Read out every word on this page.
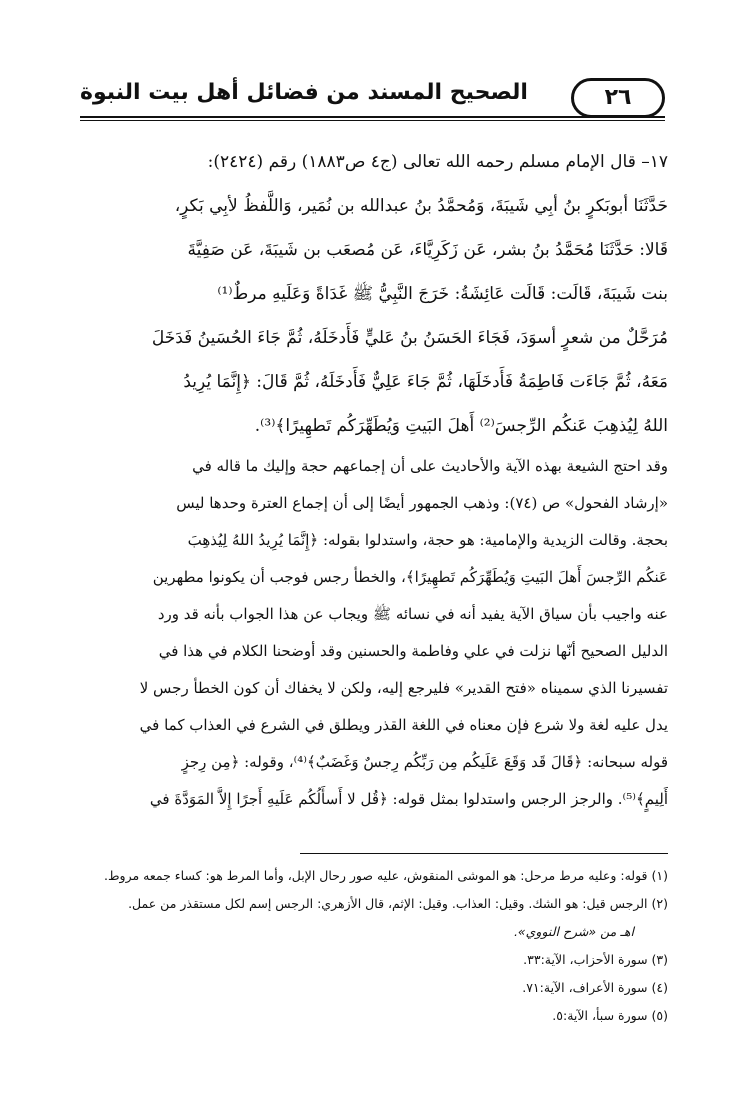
الصحيح المسند من فضائل أهل بيت النبوة	٢٦
١٧– قال الإمام مسلم رحمه الله تعالى (ج٤ ص١٨٨٣) رقم (٢٤٢٤):
حَدَّثَنَا أبوبَكرٍ بنُ أبِي شَيبَةَ، وَمُحمَّدُ بنُ عبدالله بن نُمَير، وَاللَّفظُ لأبِي بَكرٍ،
قَالا: حَدَّثَنَا مُحَمَّدُ بنُ بشر، عَن زَكَرِيَّاءَ، عَن مُصعَب بن شَيبَةَ، عَن صَفِيَّةَ
بنت شَيبَةَ، قَالَت: قَالَت عَائِشَةُ: خَرَجَ النَّبِيُّ ﷺ غَدَاةً وَعَلَيهِ مرطٌ⁽¹⁾
مُرَحَّلٌ من شعرٍ أسوَدَ، فَجَاءَ الحَسَنُ بنُ عَليٍّ فَأَدخَلَهُ، ثُمَّ جَاءَ الحُسَينُ فَدَخَلَ
مَعَهُ، ثُمَّ جَاءَت فَاطِمَةُ فَأَدخَلَهَا، ثُمَّ جَاءَ عَلِيٌّ فَأَدخَلَهُ، ثُمَّ قَالَ: ﴿إِنَّمَا يُرِيدُ
اللهُ لِيُذهِبَ عَنكُم الرِّجسَ⁽²⁾ أَهلَ البَيتِ وَيُطَهِّرَكُم تَطهِيرًا﴾⁽³⁾.
وقد احتج الشيعة بهذه الآية والأحاديث على أن إجماعهم حجة وإليك ما قاله في
«إرشاد الفحول» ص (٧٤): وذهب الجمهور أيضًا إلى أن إجماع العترة وحدها ليس
بحجة. وقالت الزيدية والإمامية: هو حجة، واستدلوا بقوله: ﴿إِنَّمَا يُرِيدُ اللهُ لِيُذهِبَ
عَنكُم الرِّجسَ أَهلَ البَيتِ وَيُطَهِّرَكُم تَطهِيرًا﴾، والخطأ رجس فوجب أن يكونوا مطهرين
عنه واجيب بأن سياق الآية يفيد أنه في نسائه ﷺ ويجاب عن هذا الجواب بأنه قد ورد
الدليل الصحيح أنّها نزلت في علي وفاطمة والحسنين وقد أوضحنا الكلام في هذا في
تفسيرنا الذي سميناه «فتح القدير» فليرجع إليه، ولكن لا يخفاك أن كون الخطأ رجس لا
يدل عليه لغة ولا شرع فإن معناه في اللغة القذر ويطلق في الشرع في العذاب كما في
قوله سبحانه: ﴿قَالَ قَد وَقَعَ عَلَيكُم مِن رَبِّكُم رِجسٌ وَغَضَبٌ﴾⁽⁴⁾، وقوله: ﴿مِن رِجزٍ
أَلِيمٍ﴾⁽⁵⁾. والرجز الرجس واستدلوا بمثل قوله: ﴿قُل لا أَسأَلُكُم عَلَيهِ أَجرًا إِلاَّ المَوَدَّةَ في
(١) قوله: وعليه مرط مرحل: هو الموشى المنقوش، عليه صور رحال الإبل، وأما المرط هو: كساء جمعه مروط.
(٢) الرجس قيل: هو الشك. وقيل: العذاب. وقيل: الإثم، قال الأزهري: الرجس إسم لكل مستقذر من عمل.
اهـ من «شرح النووي».
(٣) سورة الأحزاب، الآية:٣٣.
(٤) سورة الأعراف، الآية:٧١.
(٥) سورة سبأ، الآية:٥.
